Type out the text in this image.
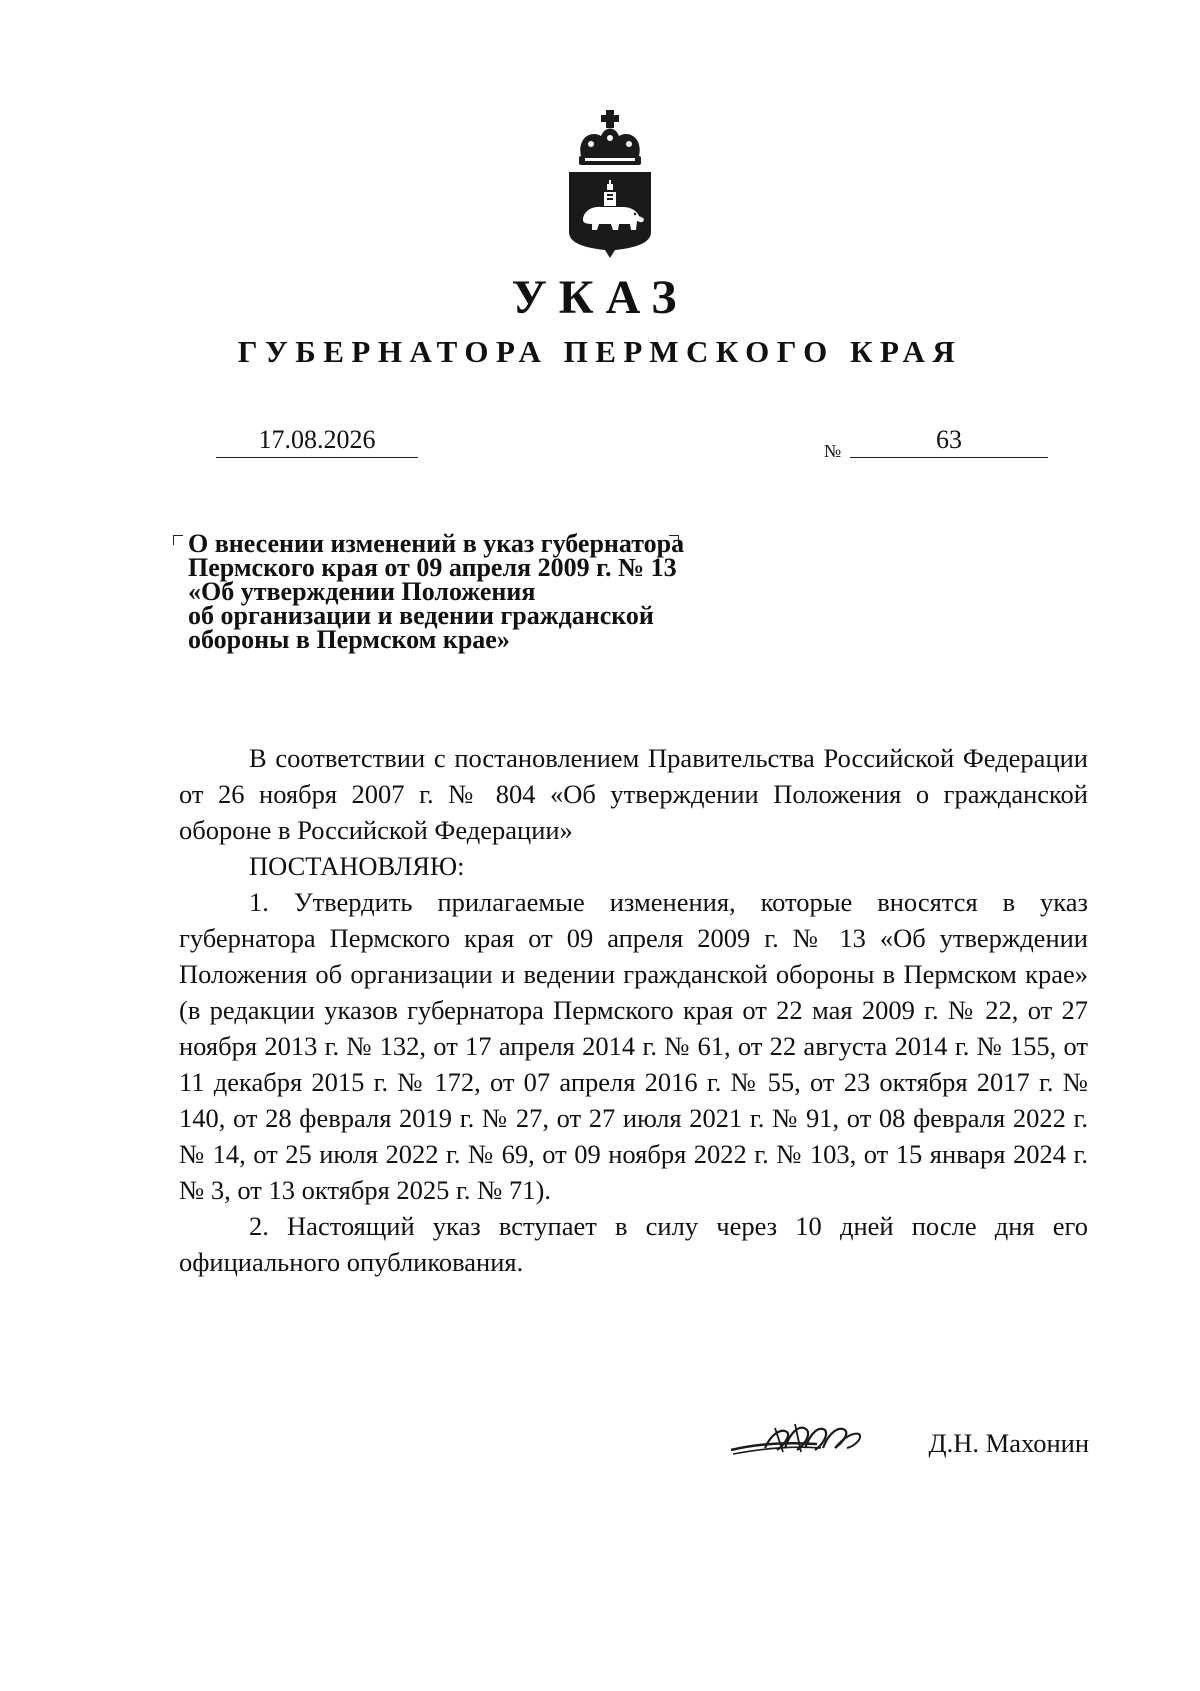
УКАЗ
ГУБЕРНАТОРА ПЕРМСКОГО КРАЯ
17.08.2026	№	63
О внесении изменений в указ губернатора
Пермского края от 09 апреля 2009 г. № 13
«Об утверждении Положения
об организации и ведении гражданской
обороны в Пермском крае»

В соответствии с постановлением Правительства Российской Федерации от 26 ноября 2007 г. № 804 «Об утверждении Положения о гражданской обороне в Российской Федерации»

ПОСТАНОВЛЯЮ:

1. Утвердить прилагаемые изменения, которые вносятся в указ губернатора Пермского края от 09 апреля 2009 г. № 13 «Об утверждении Положения об организации и ведении гражданской обороны в Пермском крае» (в редакции указов губернатора Пермского края от 22 мая 2009 г. № 22, от 27 ноября 2013 г. № 132, от 17 апреля 2014 г. № 61, от 22 августа 2014 г. № 155, от 11 декабря 2015 г. № 172, от 07 апреля 2016 г. № 55, от 23 октября 2017 г. № 140, от 28 февраля 2019 г. № 27, от 27 июля 2021 г. № 91, от 08 февраля 2022 г. № 14, от 25 июля 2022 г. № 69, от 09 ноября 2022 г. № 103, от 15 января 2024 г. № 3, от 13 октября 2025 г. № 71).

2. Настоящий указ вступает в силу через 10 дней после дня его официального опубликования.

Д.Н. Махонин
